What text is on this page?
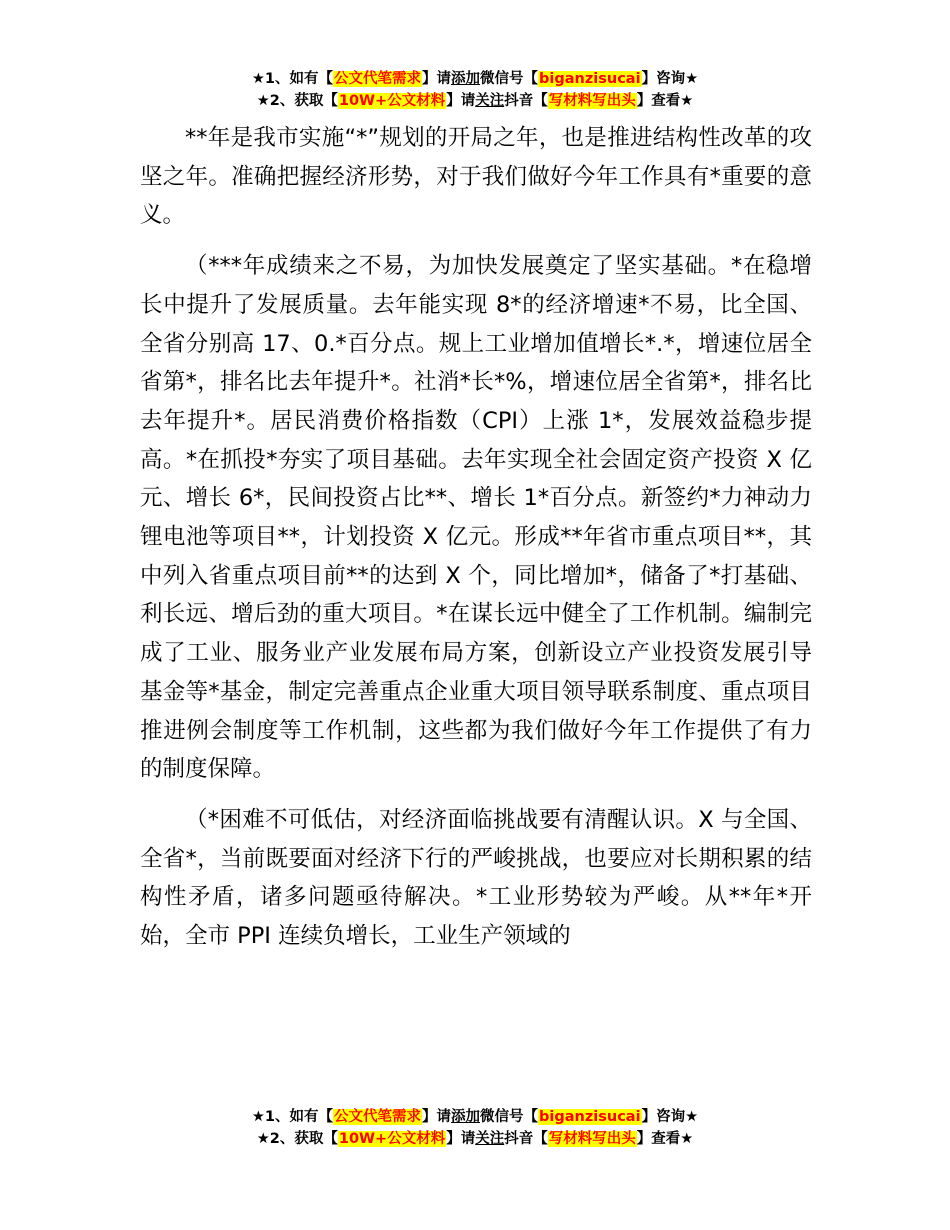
★1、如有【公文代笔需求】请添加微信号【biganzisucai】咨询★
★2、获取【10W+公文材料】请关注抖音【写材料写出头】查看★

**年是我市实施“*”规划的开局之年，也是推进结构性改革的攻坚之年。准确把握经济形势，对于我们做好今年工作具有*重要的意义。

（***年成绩来之不易，为加快发展奠定了坚实基础。*在稳增长中提升了发展质量。去年能实现 8*的经济增速*不易，比全国、全省分别高 17、0.*百分点。规上工业增加值增长*.*，增速位居全省第*，排名比去年提升*。社消*长*%，增速位居全省第*，排名比去年提升*。居民消费价格指数（CPI）上涨 1*，发展效益稳步提高。*在抓投*夯实了项目基础。去年实现全社会固定资产投资 X 亿元、增长 6*，民间投资占比**、增长 1*百分点。新签约*力神动力锂电池等项目**，计划投资 X 亿元。形成**年省市重点项目**，其中列入省重点项目前**的达到 X 个，同比增加*，储备了*打基础、利长远、增后劲的重大项目。*在谋长远中健全了工作机制。编制完成了工业、服务业产业发展布局方案，创新设立产业投资发展引导基金等*基金，制定完善重点企业重大项目领导联系制度、重点项目推进例会制度等工作机制，这些都为我们做好今年工作提供了有力的制度保障。

（*困难不可低估，对经济面临挑战要有清醒认识。X 与全国、全省*，当前既要面对经济下行的严峻挑战，也要应对长期积累的结构性矛盾，诸多问题亟待解决。*工业形势较为严峻。从**年*开始，全市 PPI 连续负增长，工业生产领域的

★1、如有【公文代笔需求】请添加微信号【biganzisucai】咨询★
★2、获取【10W+公文材料】请关注抖音【写材料写出头】查看★
